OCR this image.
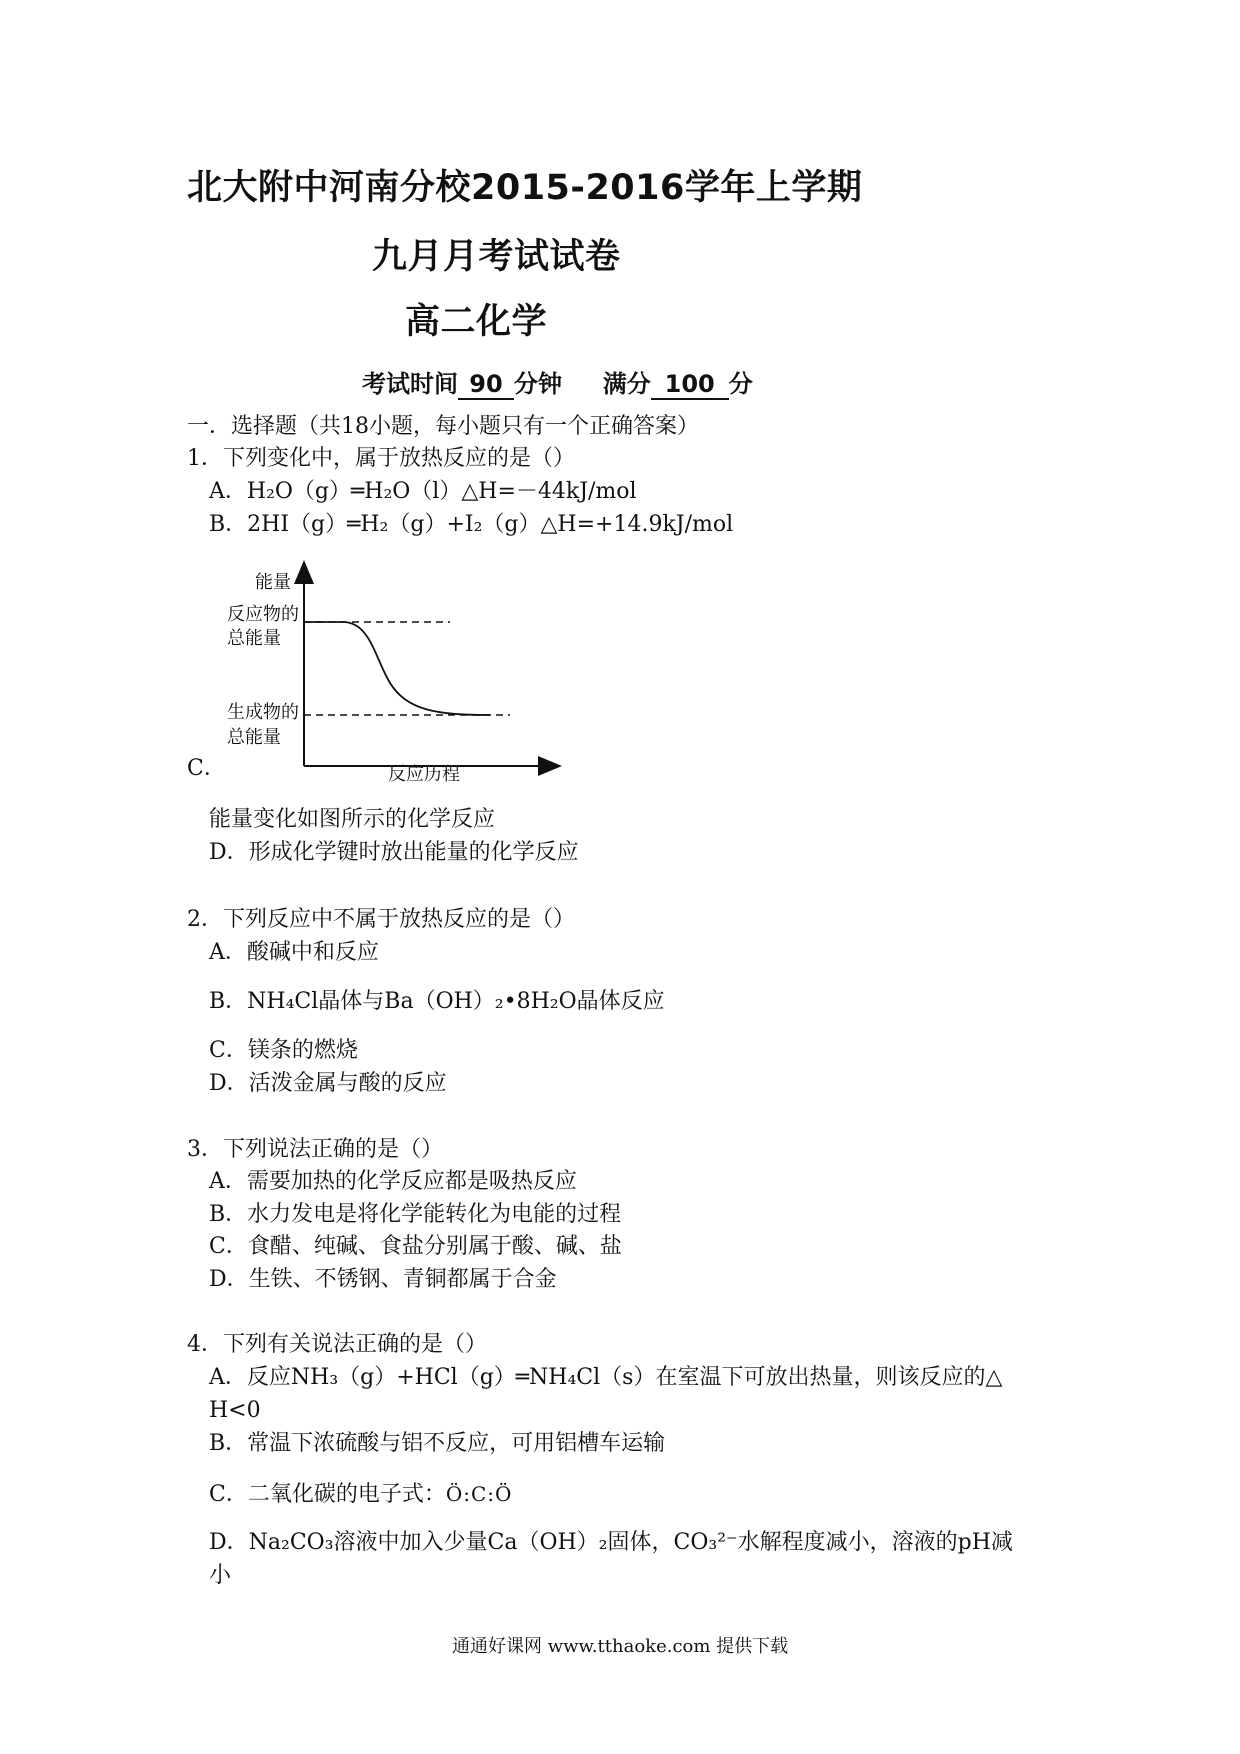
北大附中河南分校2015-2016学年上学期
九月月考试试卷
高二化学
考试时间 90 分钟 满分 100 分
一．选择题（共18小题，每小题只有一个正确答案）
1．下列变化中，属于放热反应的是（）
A．H₂O（g）═H₂O（l）△H=－44kJ/mol
B．2HI（g）═H₂（g）+I₂（g）△H=+14.9kJ/mol
能量
反应物的
总能量
生成物的
总能量
反应历程
C．
能量变化如图所示的化学反应
D．形成化学键时放出能量的化学反应
2．下列反应中不属于放热反应的是（）
A．酸碱中和反应
B．NH₄Cl晶体与Ba（OH）₂•8H₂O晶体反应
C．镁条的燃烧
D．活泼金属与酸的反应
3．下列说法正确的是（）
A．需要加热的化学反应都是吸热反应
B．水力发电是将化学能转化为电能的过程
C．食醋、纯碱、食盐分别属于酸、碱、盐
D．生铁、不锈钢、青铜都属于合金
4．下列有关说法正确的是（）
A．反应NH₃（g）+HCl（g）═NH₄Cl（s）在室温下可放出热量，则该反应的△
H<0
B．常温下浓硫酸与铝不反应，可用铝槽车运输
C．二氧化碳的电子式：Ö:C:Ö
D．Na₂CO₃溶液中加入少量Ca（OH）₂固体，CO₃²⁻水解程度减小，溶液的pH减
小
通通好课网 www.tthaoke.com 提供下载
